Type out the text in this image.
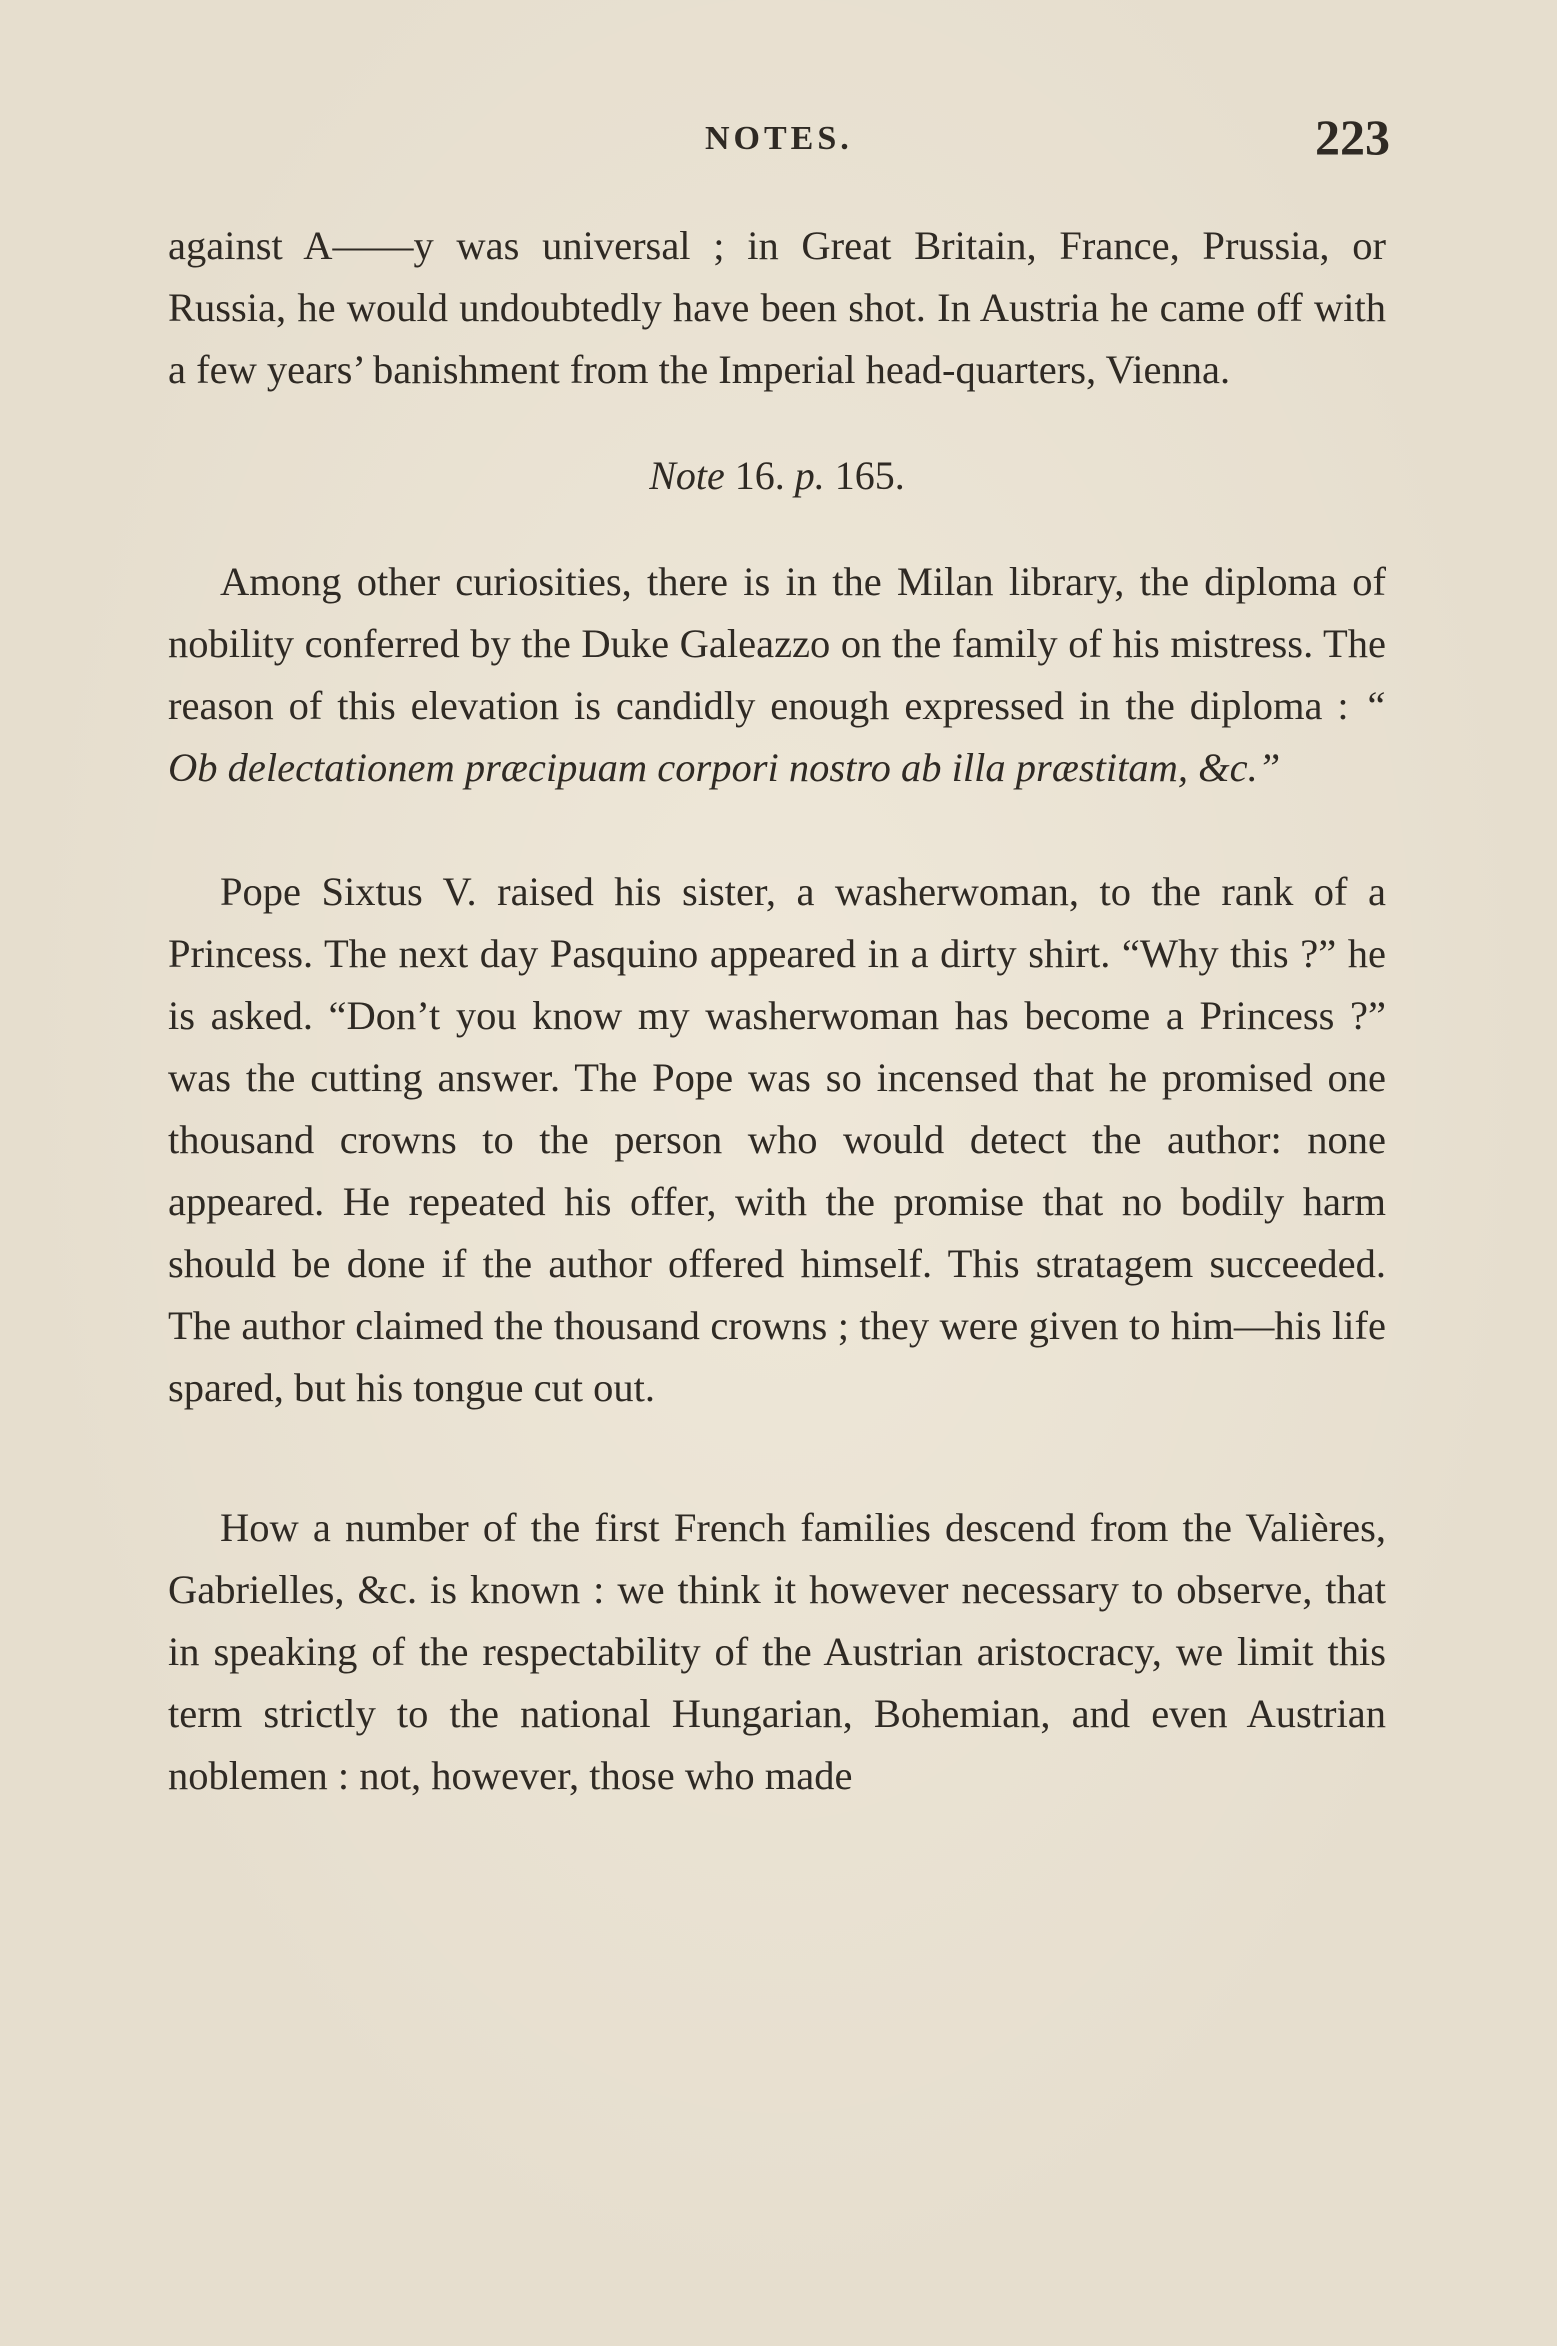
NOTES.	223

against A——y was universal ; in Great Britain, France, Prussia, or Russia, he would undoubtedly have been shot. In Austria he came off with a few years’ banishment from the Imperial head-quarters, Vienna.

Note 16. p. 165.

Among other curiosities, there is in the Milan library, the diploma of nobility conferred by the Duke Galeazzo on the family of his mistress. The reason of this elevation is candidly enough expressed in the diploma : “ Ob delectationem præcipuam corpori nostro ab illa præstitam, &c.”

Pope Sixtus V. raised his sister, a washerwoman, to the rank of a Princess. The next day Pasquino appeared in a dirty shirt. “Why this ?” he is asked. “Don’t you know my washerwoman has become a Princess ?” was the cutting answer. The Pope was so incensed that he promised one thousand crowns to the person who would detect the author: none appeared. He repeated his offer, with the promise that no bodily harm should be done if the author offered himself. This stratagem succeeded. The author claimed the thousand crowns ; they were given to him—his life spared, but his tongue cut out.

How a number of the first French families descend from the Valières, Gabrielles, &c. is known : we think it however necessary to observe, that in speaking of the respectability of the Austrian aristocracy, we limit this term strictly to the national Hungarian, Bohemian, and even Austrian noblemen : not, however, those who made
